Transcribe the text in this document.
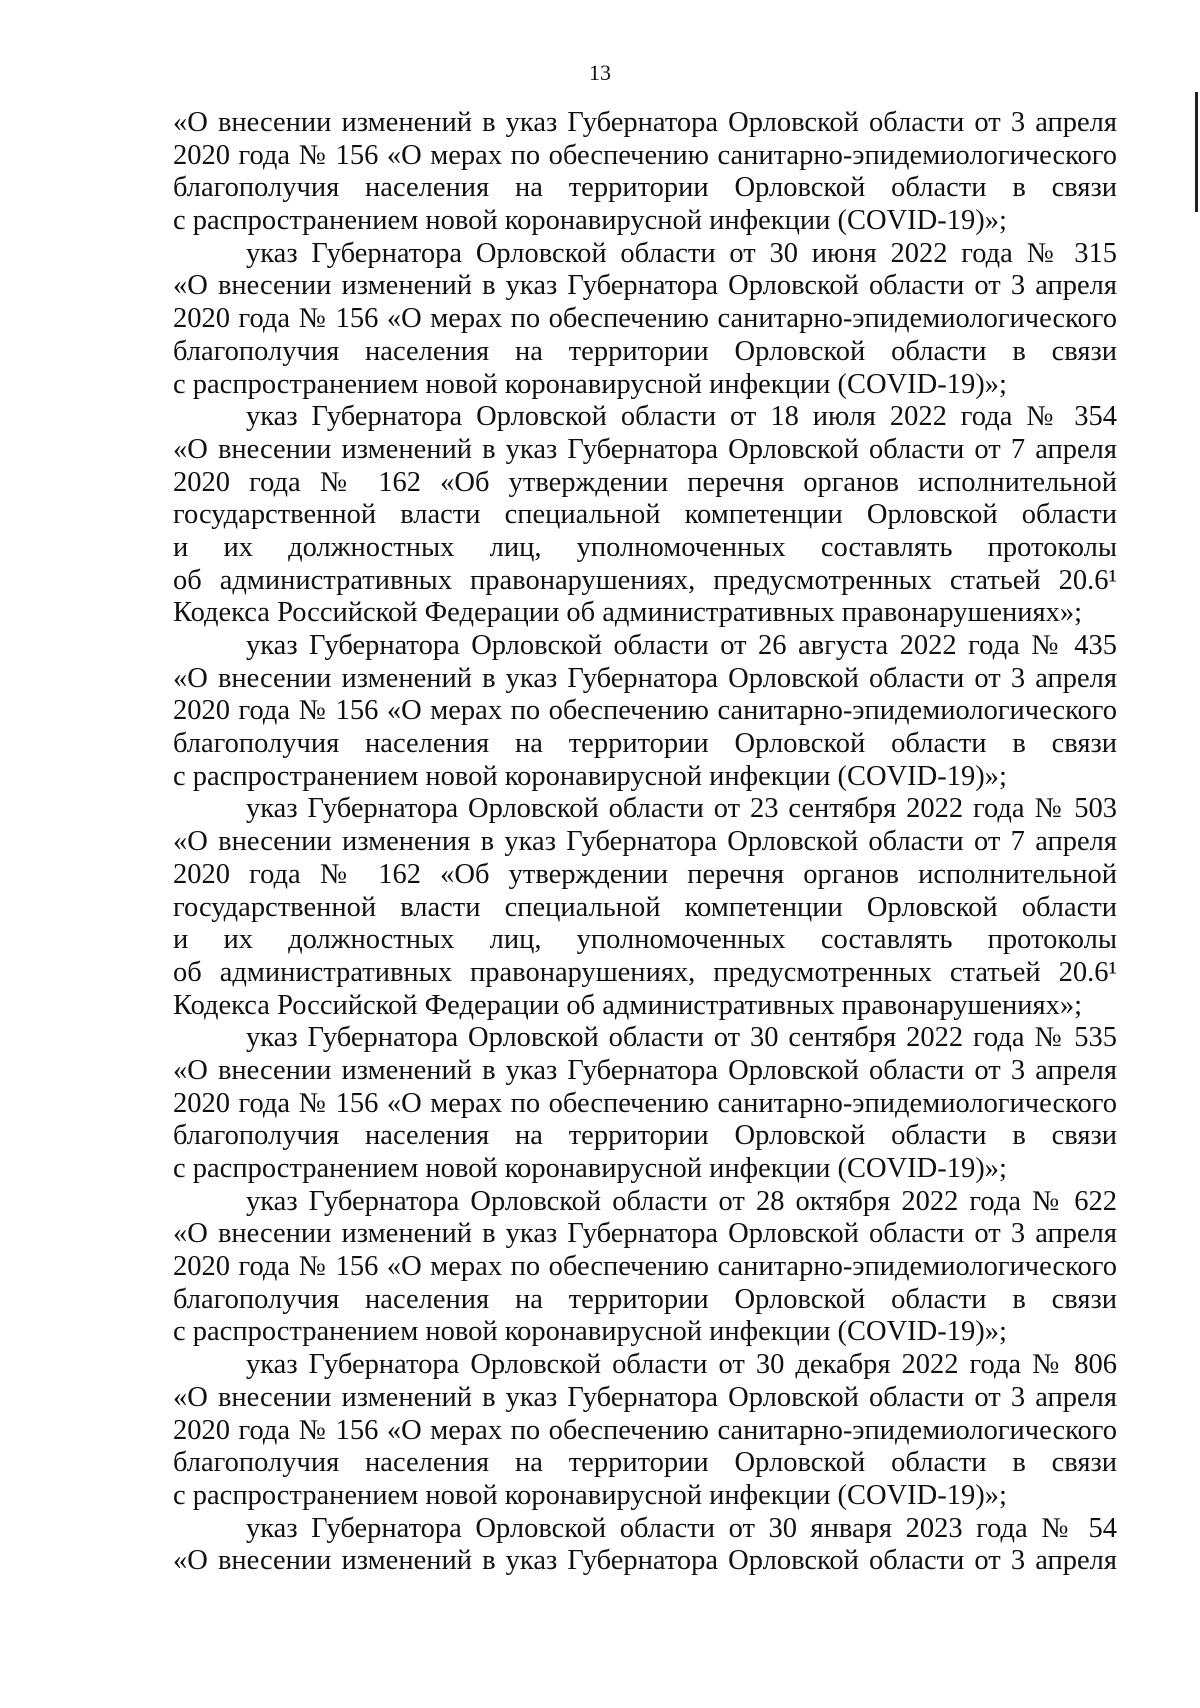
13
«О внесении изменений в указ Губернатора Орловской области от 3 апреля
2020 года № 156 «О мерах по обеспечению санитарно-эпидемиологического
благополучия населения на территории Орловской области в связи
с распространением новой коронавирусной инфекции (COVID-19)»;
указ Губернатора Орловской области от 30 июня 2022 года № 315
«О внесении изменений в указ Губернатора Орловской области от 3 апреля
2020 года № 156 «О мерах по обеспечению санитарно-эпидемиологического
благополучия населения на территории Орловской области в связи
с распространением новой коронавирусной инфекции (COVID-19)»;
указ Губернатора Орловской области от 18 июля 2022 года № 354
«О внесении изменений в указ Губернатора Орловской области от 7 апреля
2020 года № 162 «Об утверждении перечня органов исполнительной
государственной власти специальной компетенции Орловской области
и их должностных лиц, уполномоченных составлять протоколы
об административных правонарушениях, предусмотренных статьей 20.6¹
Кодекса Российской Федерации об административных правонарушениях»;
указ Губернатора Орловской области от 26 августа 2022 года № 435
«О внесении изменений в указ Губернатора Орловской области от 3 апреля
2020 года № 156 «О мерах по обеспечению санитарно-эпидемиологического
благополучия населения на территории Орловской области в связи
с распространением новой коронавирусной инфекции (COVID-19)»;
указ Губернатора Орловской области от 23 сентября 2022 года № 503
«О внесении изменения в указ Губернатора Орловской области от 7 апреля
2020 года № 162 «Об утверждении перечня органов исполнительной
государственной власти специальной компетенции Орловской области
и их должностных лиц, уполномоченных составлять протоколы
об административных правонарушениях, предусмотренных статьей 20.6¹
Кодекса Российской Федерации об административных правонарушениях»;
указ Губернатора Орловской области от 30 сентября 2022 года № 535
«О внесении изменений в указ Губернатора Орловской области от 3 апреля
2020 года № 156 «О мерах по обеспечению санитарно-эпидемиологического
благополучия населения на территории Орловской области в связи
с распространением новой коронавирусной инфекции (COVID-19)»;
указ Губернатора Орловской области от 28 октября 2022 года № 622
«О внесении изменений в указ Губернатора Орловской области от 3 апреля
2020 года № 156 «О мерах по обеспечению санитарно-эпидемиологического
благополучия населения на территории Орловской области в связи
с распространением новой коронавирусной инфекции (COVID-19)»;
указ Губернатора Орловской области от 30 декабря 2022 года № 806
«О внесении изменений в указ Губернатора Орловской области от 3 апреля
2020 года № 156 «О мерах по обеспечению санитарно-эпидемиологического
благополучия населения на территории Орловской области в связи
с распространением новой коронавирусной инфекции (COVID-19)»;
указ Губернатора Орловской области от 30 января 2023 года № 54
«О внесении изменений в указ Губернатора Орловской области от 3 апреля
